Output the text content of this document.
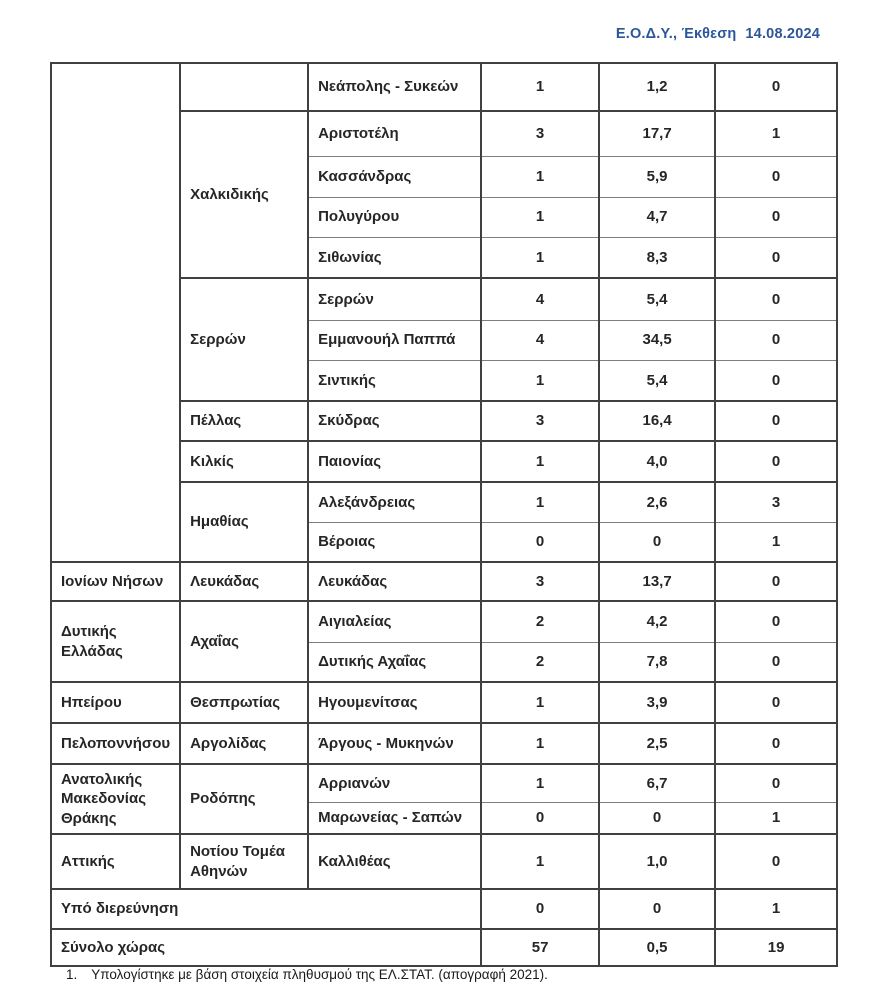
Ε.Ο.Δ.Υ., Έκθεση 14.08.2024
		Νεάπολης - Συκεών	1	1,2	0
	Χαλκιδικής	Αριστοτέλη	3	17,7	1
		Κασσάνδρας	1	5,9	0
		Πολυγύρου	1	4,7	0
		Σιθωνίας	1	8,3	0
	Σερρών	Σερρών	4	5,4	0
		Εμμανουήλ Παππά	4	34,5	0
		Σιντικής	1	5,4	0
	Πέλλας	Σκύδρας	3	16,4	0
	Κιλκίς	Παιονίας	1	4,0	0
	Ημαθίας	Αλεξάνδρειας	1	2,6	3
		Βέροιας	0	0	1
Ιονίων Νήσων	Λευκάδας	Λευκάδας	3	13,7	0
Δυτικής Ελλάδας	Αχαΐας	Αιγιαλείας	2	4,2	0
		Δυτικής Αχαΐας	2	7,8	0
Ηπείρου	Θεσπρωτίας	Ηγουμενίτσας	1	3,9	0
Πελοποννήσου	Αργολίδας	Άργους - Μυκηνών	1	2,5	0
Ανατολικής Μακεδονίας Θράκης	Ροδόπης	Αρριανών	1	6,7	0
		Μαρωνείας - Σαπών	0	0	1
Αττικής	Νοτίου Τομέα Αθηνών	Καλλιθέας	1	1,0	0
Υπό διερεύνηση			0	0	1
Σύνολο χώρας			57	0,5	19
1. Υπολογίστηκε με βάση στοιχεία πληθυσμού της ΕΛ.ΣΤΑΤ. (απογραφή 2021).
